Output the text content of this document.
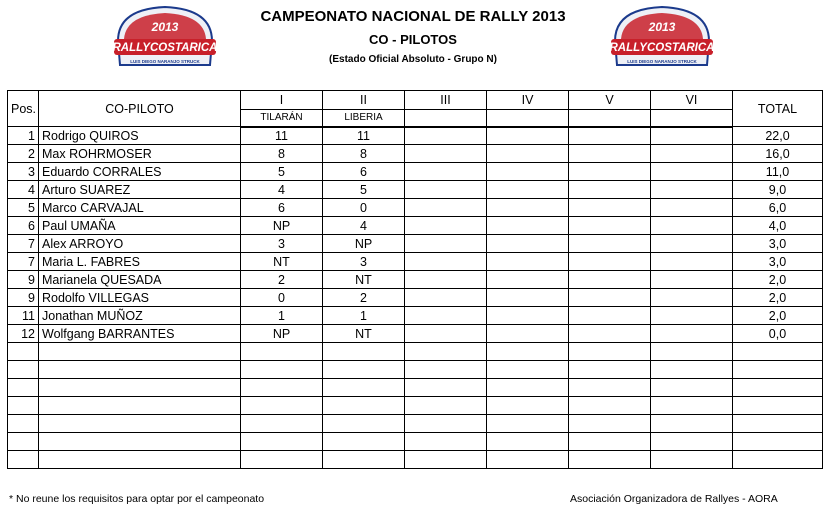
2013
RALLYCOSTARICA
LUIS DIEGO NARANJO STRUCK
2013
RALLYCOSTARICA
LUIS DIEGO NARANJO STRUCK
CAMPEONATO NACIONAL DE RALLY 2013
CO - PILOTOS
(Estado Oficial Absoluto - Grupo N)
Pos.	CO-PILOTO	I	II	III	IV	V	VI	TOTAL
		TILARÁN	LIBERIA					
1	Rodrigo QUIROS	11	11					22,0
2	Max ROHRMOSER	8	8					16,0
3	Eduardo CORRALES	5	6					11,0
4	Arturo SUAREZ	4	5					9,0
5	Marco CARVAJAL	6	0					6,0
6	Paul UMAÑA	NP	4					4,0
7	Alex ARROYO	3	NP					3,0
7	Maria L. FABRES	NT	3					3,0
9	Marianela QUESADA	2	NT					2,0
9	Rodolfo VILLEGAS	0	2					2,0
11	Jonathan MUÑOZ	1	1					2,0
12	Wolfgang BARRANTES	NP	NT					0,0

* No reune los requisitos para optar por el campeonato	Asociación Organizadora de Rallyes - AORA
